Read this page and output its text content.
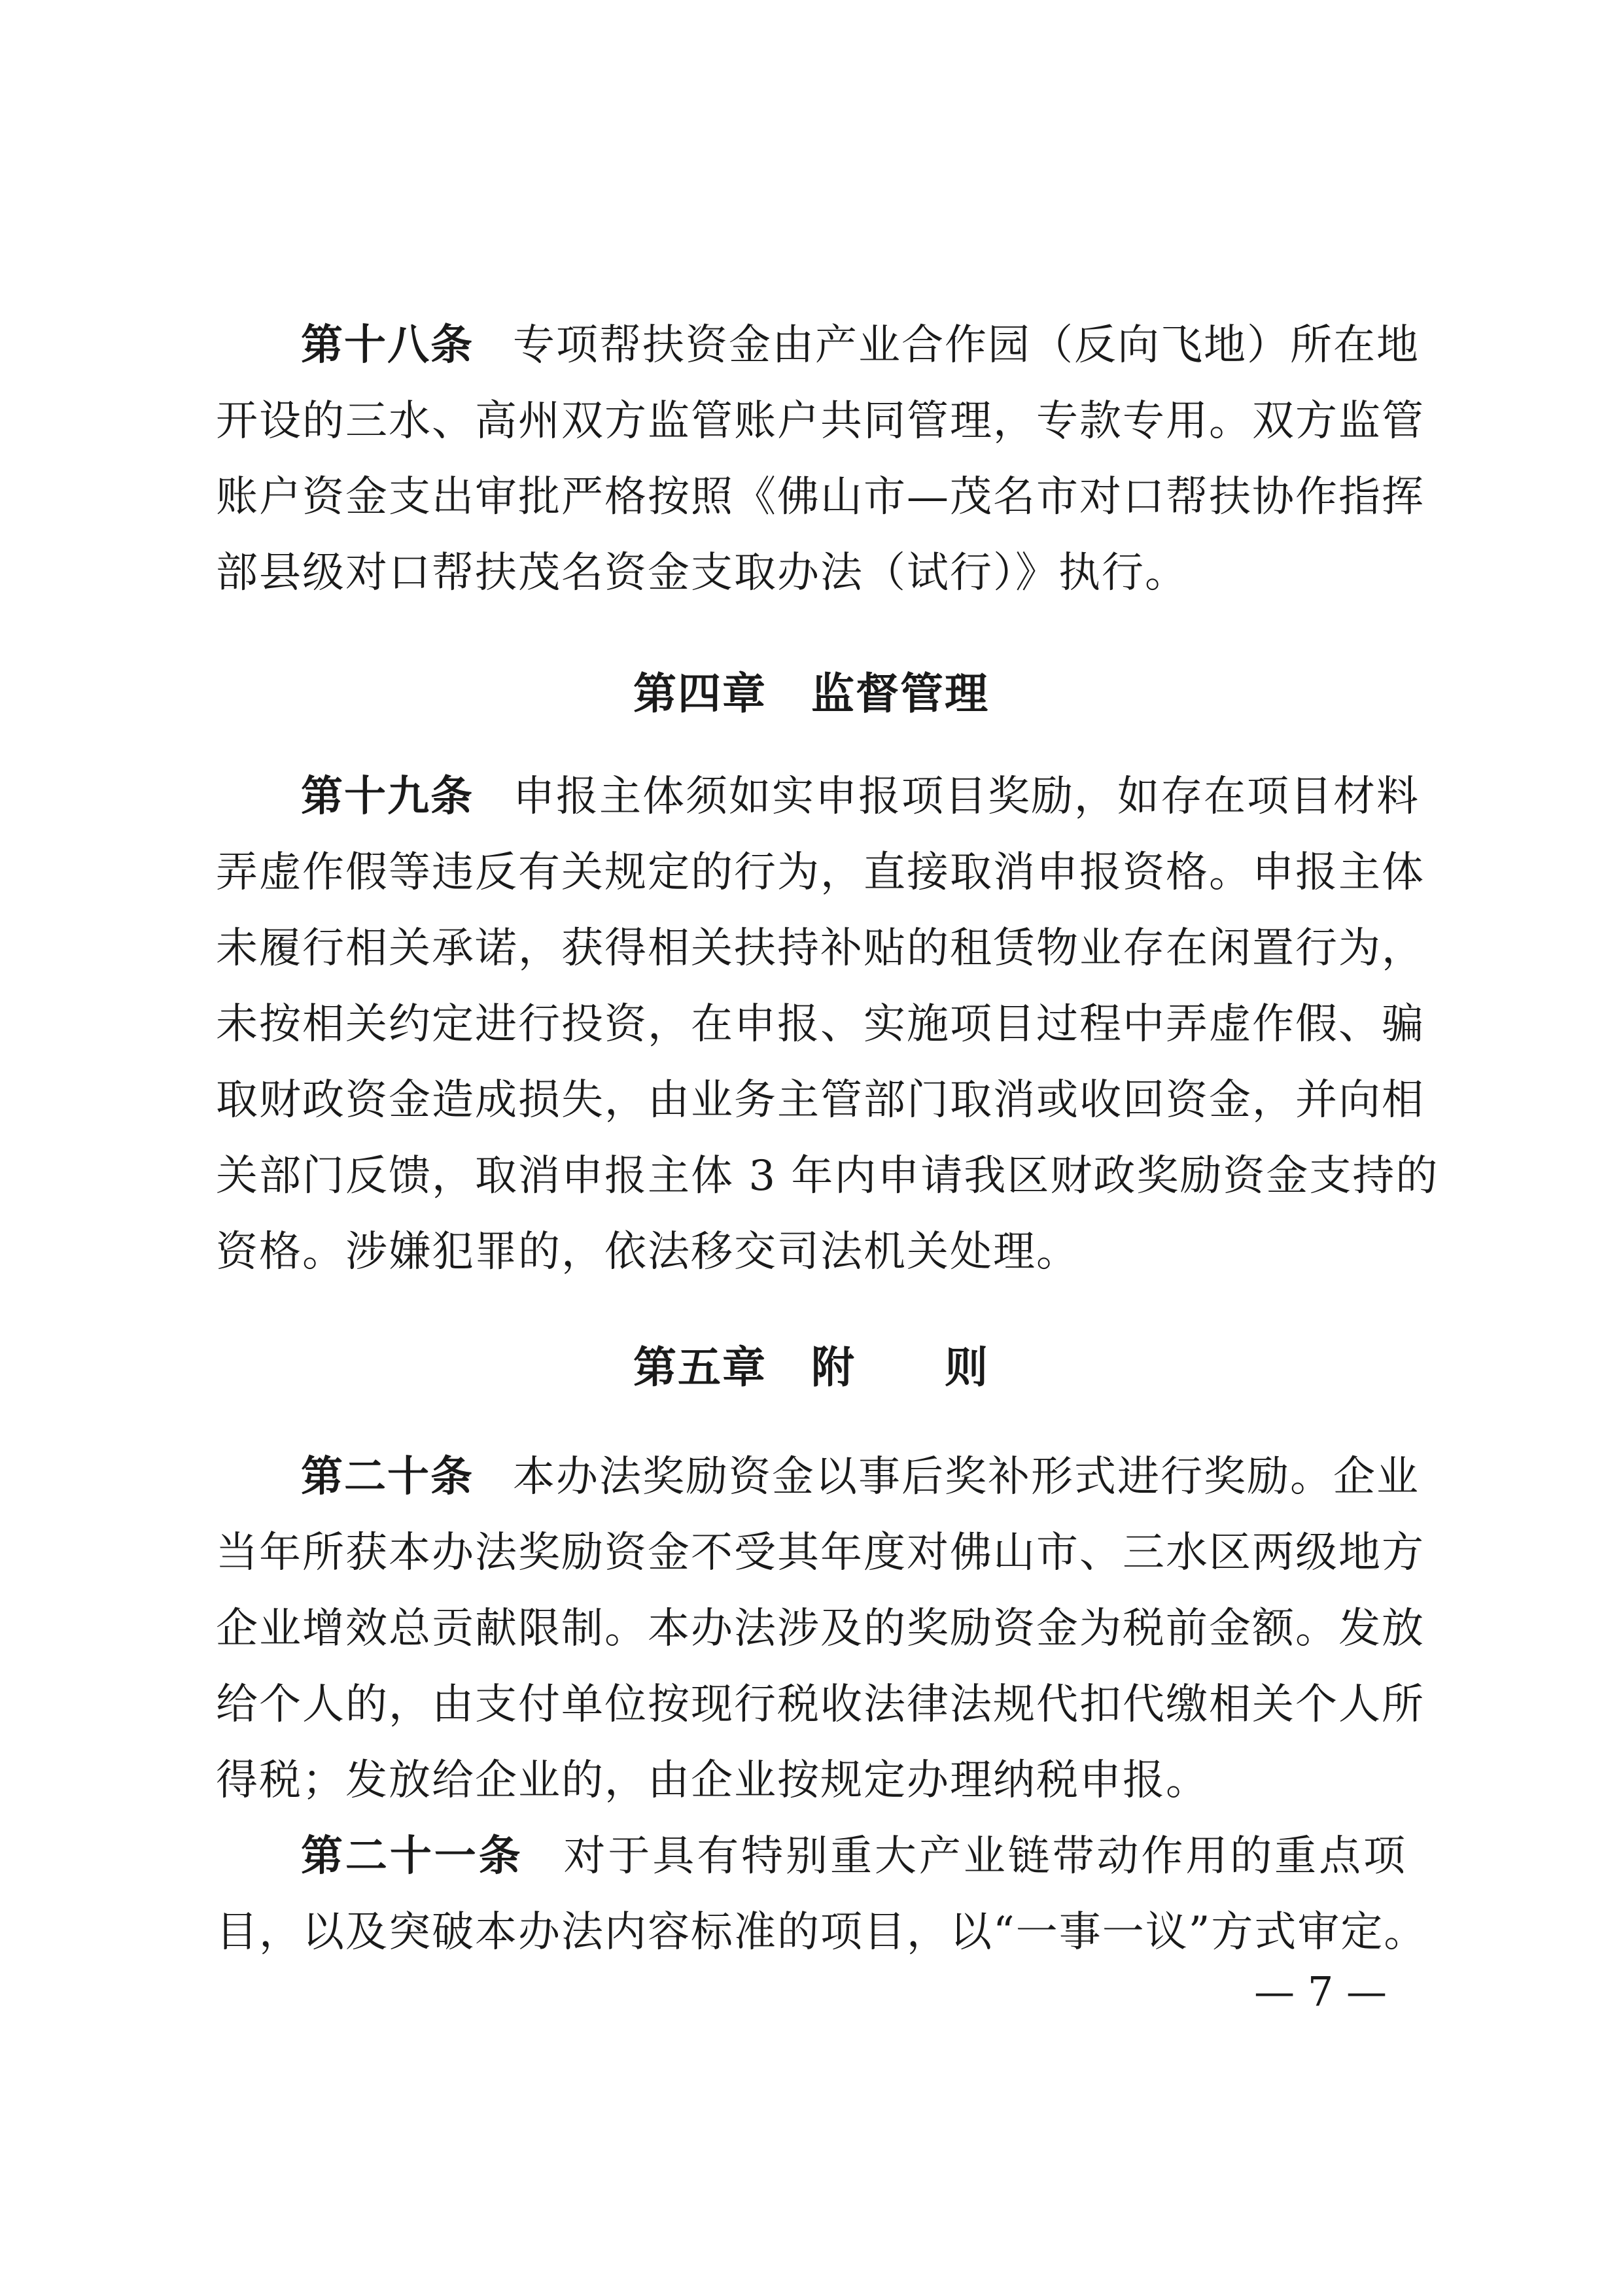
第十八条 专项帮扶资金由产业合作园（反向飞地）所在地
开设的三水、高州双方监管账户共同管理，专款专用。双方监管
账户资金支出审批严格按照《佛山市—茂名市对口帮扶协作指挥
部县级对口帮扶茂名资金支取办法（试行）》执行。
第四章　监督管理
第十九条 申报主体须如实申报项目奖励，如存在项目材料
弄虚作假等违反有关规定的行为，直接取消申报资格。申报主体
未履行相关承诺，获得相关扶持补贴的租赁物业存在闲置行为，
未按相关约定进行投资，在申报、实施项目过程中弄虚作假、骗
取财政资金造成损失，由业务主管部门取消或收回资金，并向相
关部门反馈，取消申报主体 3 年内申请我区财政奖励资金支持的
资格。涉嫌犯罪的，依法移交司法机关处理。
第五章　附　　则
第二十条 本办法奖励资金以事后奖补形式进行奖励。企业
当年所获本办法奖励资金不受其年度对佛山市、三水区两级地方
企业增效总贡献限制。本办法涉及的奖励资金为税前金额。发放
给个人的，由支付单位按现行税收法律法规代扣代缴相关个人所
得税；发放给企业的，由企业按规定办理纳税申报。
第二十一条 对于具有特别重大产业链带动作用的重点项
目，以及突破本办法内容标准的项目，以“一事一议”方式审定。
— 7 —
